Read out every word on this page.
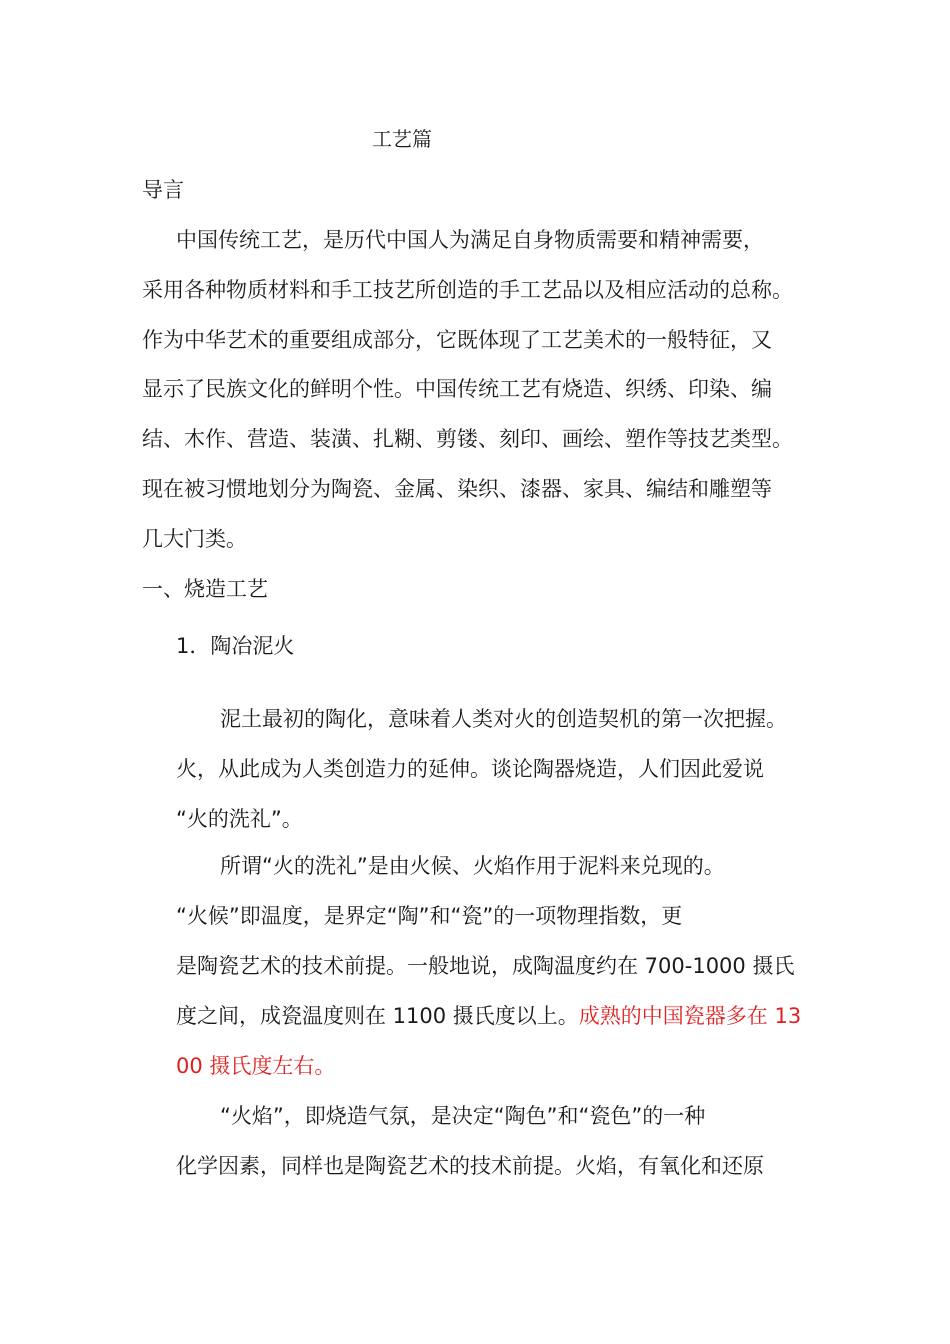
工艺篇
导言
中国传统工艺，是历代中国人为满足自身物质需要和精神需要，
采用各种物质材料和手工技艺所创造的手工艺品以及相应活动的总称。
作为中华艺术的重要组成部分，它既体现了工艺美术的一般特征，又
显示了民族文化的鲜明个性。中国传统工艺有烧造、织绣、印染、编
结、木作、营造、装潢、扎糊、剪镂、刻印、画绘、塑作等技艺类型。
现在被习惯地划分为陶瓷、金属、染织、漆器、家具、编结和雕塑等
几大门类。
一、烧造工艺
1．陶冶泥火
泥土最初的陶化，意味着人类对火的创造契机的第一次把握。
火，从此成为人类创造力的延伸。谈论陶器烧造，人们因此爱说
“火的洗礼”。
所谓“火的洗礼”是由火候、火焰作用于泥料来兑现的。
“火候”即温度，是界定“陶”和“瓷”的一项物理指数，更
是陶瓷艺术的技术前提。一般地说，成陶温度约在 700-1000 摄氏
度之间，成瓷温度则在 1100 摄氏度以上。成熟的中国瓷器多在 13
00 摄氏度左右。
“火焰”，即烧造气氛，是决定“陶色”和“瓷色”的一种
化学因素，同样也是陶瓷艺术的技术前提。火焰，有氧化和还原
